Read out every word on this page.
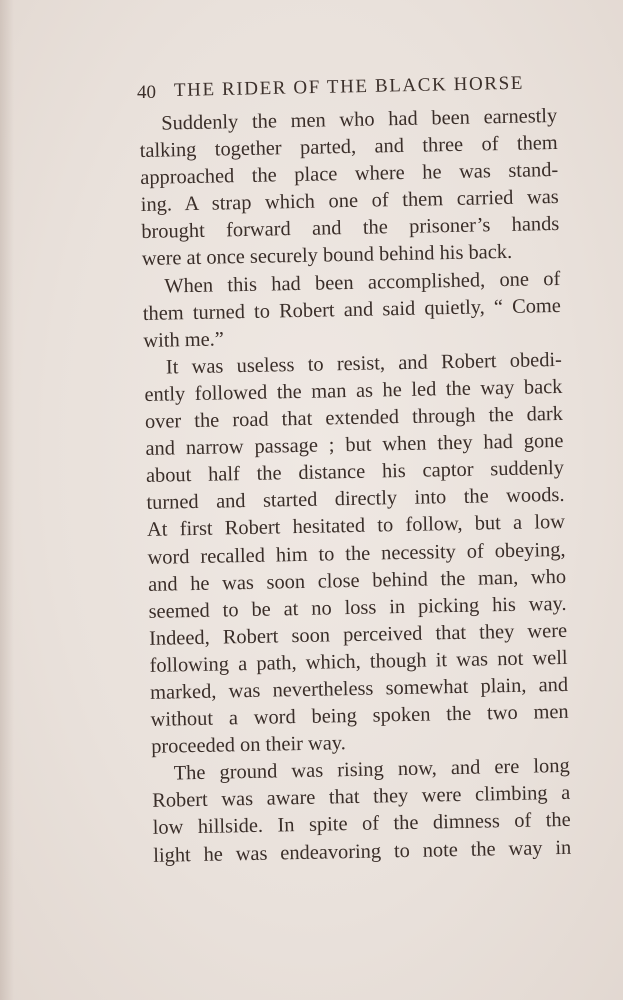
40 THE RIDER OF THE BLACK HORSE
Suddenly the men who had been earnestly
talking together parted, and three of them
approached the place where he was stand-
ing. A strap which one of them carried was
brought forward and the prisoner’s hands
were at once securely bound behind his back.
When this had been accomplished, one of
them turned to Robert and said quietly, “ Come
with me.”
It was useless to resist, and Robert obedi-
ently followed the man as he led the way back
over the road that extended through the dark
and narrow passage ; but when they had gone
about half the distance his captor suddenly
turned and started directly into the woods.
At first Robert hesitated to follow, but a low
word recalled him to the necessity of obeying,
and he was soon close behind the man, who
seemed to be at no loss in picking his way.
Indeed, Robert soon perceived that they were
following a path, which, though it was not well
marked, was nevertheless somewhat plain, and
without a word being spoken the two men
proceeded on their way.
The ground was rising now, and ere long
Robert was aware that they were climbing a
low hillside. In spite of the dimness of the
light he was endeavoring to note the way in
